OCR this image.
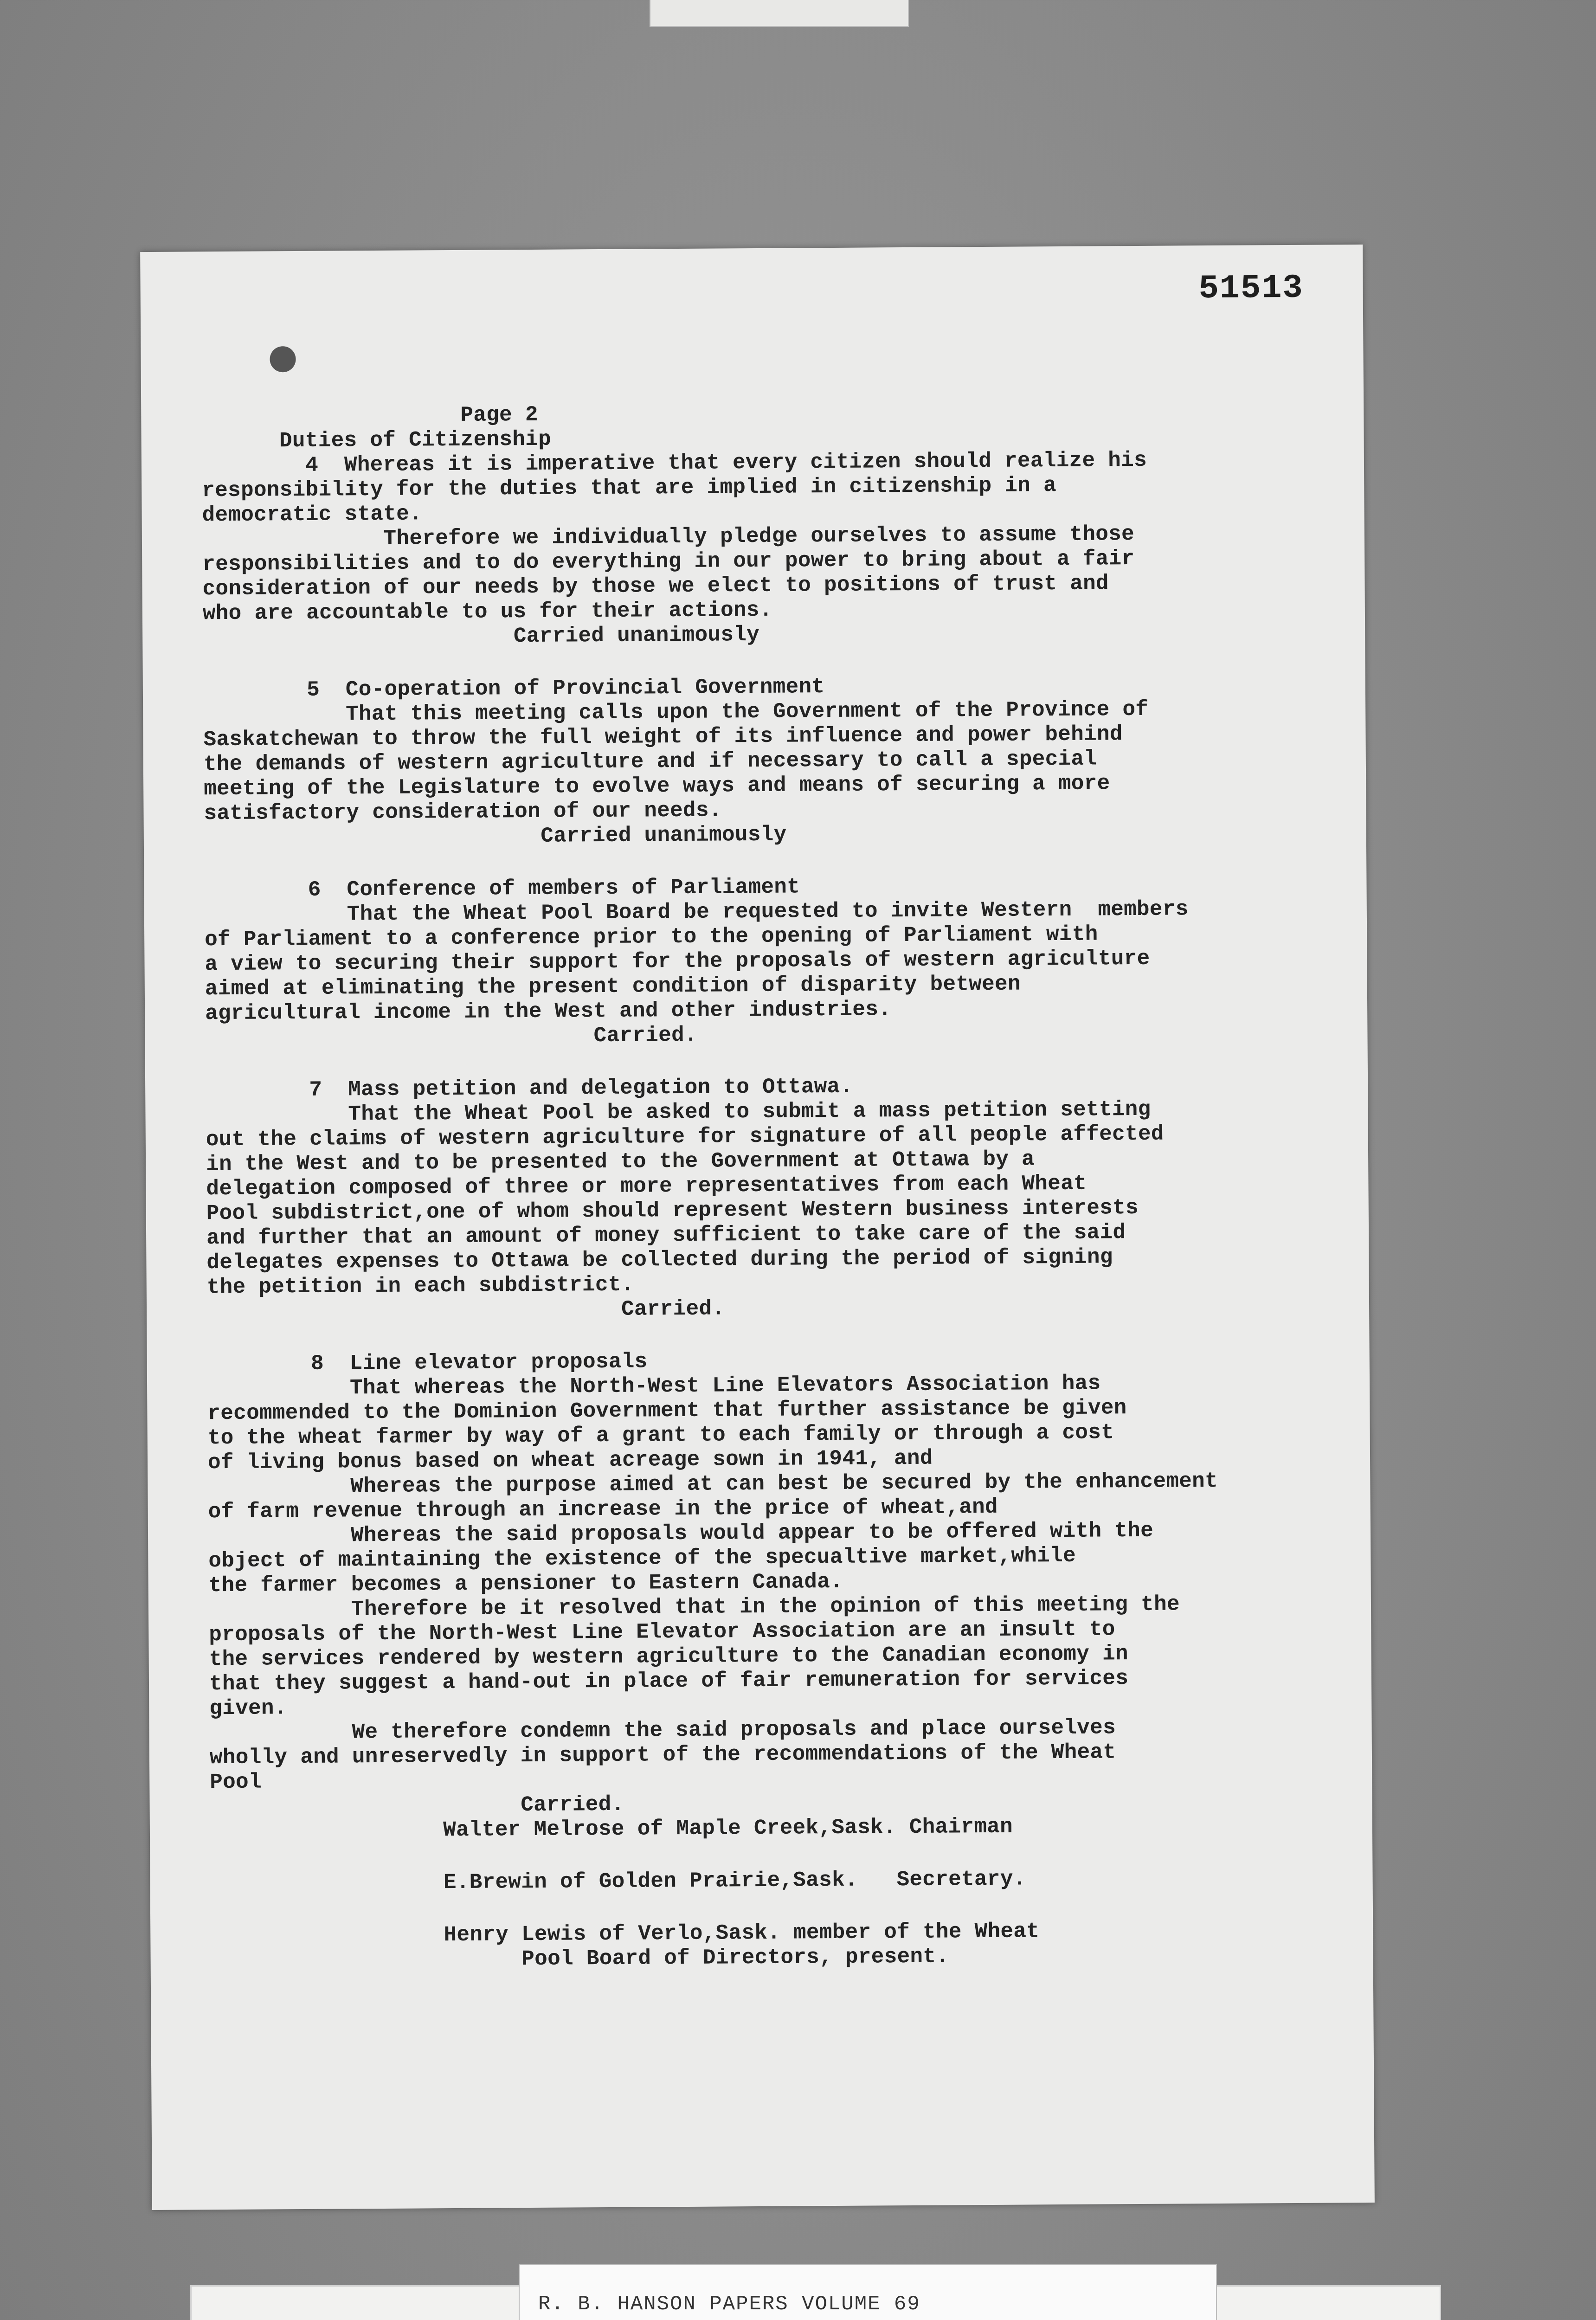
51513
Page 2
Duties of Citizenship
4  Whereas it is imperative that every citizen should realize his
responsibility for the duties that are implied in citizenship in a
democratic state.
Therefore we individually pledge ourselves to assume those
responsibilities and to do everything in our power to bring about a fair
consideration of our needs by those we elect to positions of trust and
who are accountable to us for their actions.
Carried unanimously
5  Co-operation of Provincial Government
That this meeting calls upon the Government of the Province of
Saskatchewan to throw the full weight of its influence and power behind
the demands of western agriculture and if necessary to call a special
meeting of the Legislature to evolve ways and means of securing a more
satisfactory consideration of our needs.
Carried unanimously
6  Conference of members of Parliament
That the Wheat Pool Board be requested to invite Western  members
of Parliament to a conference prior to the opening of Parliament with
a view to securing their support for the proposals of western agriculture
aimed at eliminating the present condition of disparity between
agricultural income in the West and other industries.
Carried.
7  Mass petition and delegation to Ottawa.
That the Wheat Pool be asked to submit a mass petition setting
out the claims of western agriculture for signature of all people affected
in the West and to be presented to the Government at Ottawa by a
delegation composed of three or more representatives from each Wheat
Pool subdistrict,one of whom should represent Western business interests
and further that an amount of money sufficient to take care of the said
delegates expenses to Ottawa be collected during the period of signing
the petition in each subdistrict.
Carried.
8  Line elevator proposals
That whereas the North-West Line Elevators Association has
recommended to the Dominion Government that further assistance be given
to the wheat farmer by way of a grant to each family or through a cost
of living bonus based on wheat acreage sown in 1941, and
Whereas the purpose aimed at can best be secured by the enhancement
of farm revenue through an increase in the price of wheat,and
Whereas the said proposals would appear to be offered with the
object of maintaining the existence of the specualtive market,while
the farmer becomes a pensioner to Eastern Canada.
Therefore be it resolved that in the opinion of this meeting the
proposals of the North-West Line Elevator Association are an insult to
the services rendered by western agriculture to the Canadian economy in
that they suggest a hand-out in place of fair remuneration for services
given.
We therefore condemn the said proposals and place ourselves
wholly and unreservedly in support of the recommendations of the Wheat
Pool
Carried.
Walter Melrose of Maple Creek,Sask. Chairman
E.Brewin of Golden Prairie,Sask.   Secretary.
Henry Lewis of Verlo,Sask. member of the Wheat
Pool Board of Directors, present.
R. B. HANSON PAPERS VOLUME 69
